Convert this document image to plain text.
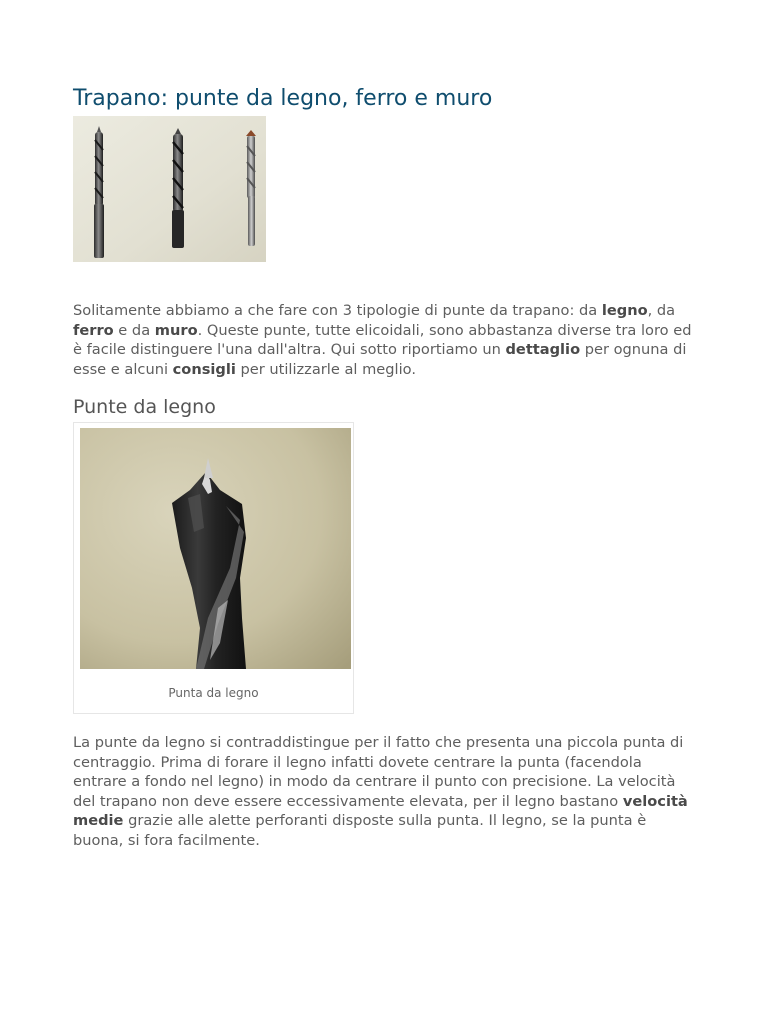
Trapano: punte da legno, ferro e muro

Solitamente abbiamo a che fare con 3 tipologie di punte da trapano: da legno, da ferro e da muro. Queste punte, tutte elicoidali, sono abbastanza diverse tra loro ed è facile distinguere l'una dall'altra. Qui sotto riportiamo un dettaglio per ognuna di esse e alcuni consigli per utilizzarle al meglio.

Punte da legno
Punta da legno

La punte da legno si contraddistingue per il fatto che presenta una piccola punta di centraggio. Prima di forare il legno infatti dovete centrare la punta (facendola entrare a fondo nel legno) in modo da centrare il punto con precisione. La velocità del trapano non deve essere eccessivamente elevata, per il legno bastano velocità medie grazie alle alette perforanti disposte sulla punta. Il legno, se la punta è buona, si fora facilmente.
